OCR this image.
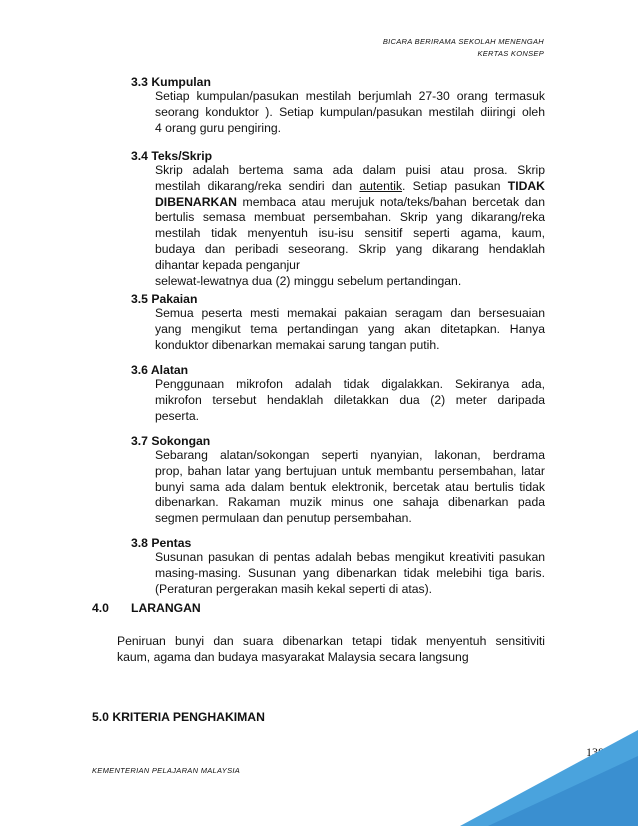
BICARA BERIRAMA SEKOLAH MENENGAH
KERTAS KONSEP
3.3 Kumpulan
Setiap kumpulan/pasukan mestilah berjumlah 27-30 orang termasuk
seorang konduktor ). Setiap kumpulan/pasukan mestilah diiringi oleh
4 orang guru pengiring.
3.4 Teks/Skrip
Skrip adalah bertema sama ada dalam puisi atau prosa. Skrip
mestilah dikarang/reka sendiri dan autentik. Setiap pasukan TIDAK
DIBENARKAN membaca atau merujuk nota/teks/bahan bercetak dan
bertulis semasa membuat persembahan. Skrip yang dikarang/reka
mestilah tidak menyentuh isu-isu sensitif seperti agama, kaum,
budaya dan peribadi seseorang. Skrip yang dikarang hendaklah
dihantar kepada penganjur
selewat-lewatnya dua (2) minggu sebelum pertandingan.
3.5 Pakaian
Semua peserta mesti memakai pakaian seragam dan bersesuaian
yang mengikut tema pertandingan yang akan ditetapkan. Hanya
konduktor dibenarkan memakai sarung tangan putih.
3.6 Alatan
Penggunaan mikrofon adalah tidak digalakkan. Sekiranya ada,
mikrofon tersebut hendaklah diletakkan dua (2) meter daripada
peserta.
3.7 Sokongan
Sebarang alatan/sokongan seperti nyanyian, lakonan, berdrama
prop, bahan latar yang bertujuan untuk membantu persembahan, latar
bunyi sama ada dalam bentuk elektronik, bercetak atau bertulis tidak
dibenarkan. Rakaman muzik minus one sahaja dibenarkan pada
segmen permulaan dan penutup persembahan.
3.8 Pentas
Susunan pasukan di pentas adalah bebas mengikut kreativiti pasukan
masing-masing. Susunan yang dibenarkan tidak melebihi tiga baris.
(Peraturan pergerakan masih kekal seperti di atas).
4.0 LARANGAN
Peniruan bunyi dan suara dibenarkan tetapi tidak menyentuh sensitiviti
kaum, agama dan budaya masyarakat Malaysia secara langsung
5.0 KRITERIA PENGHAKIMAN
138
KEMENTERIAN PELAJARAN MALAYSIA
